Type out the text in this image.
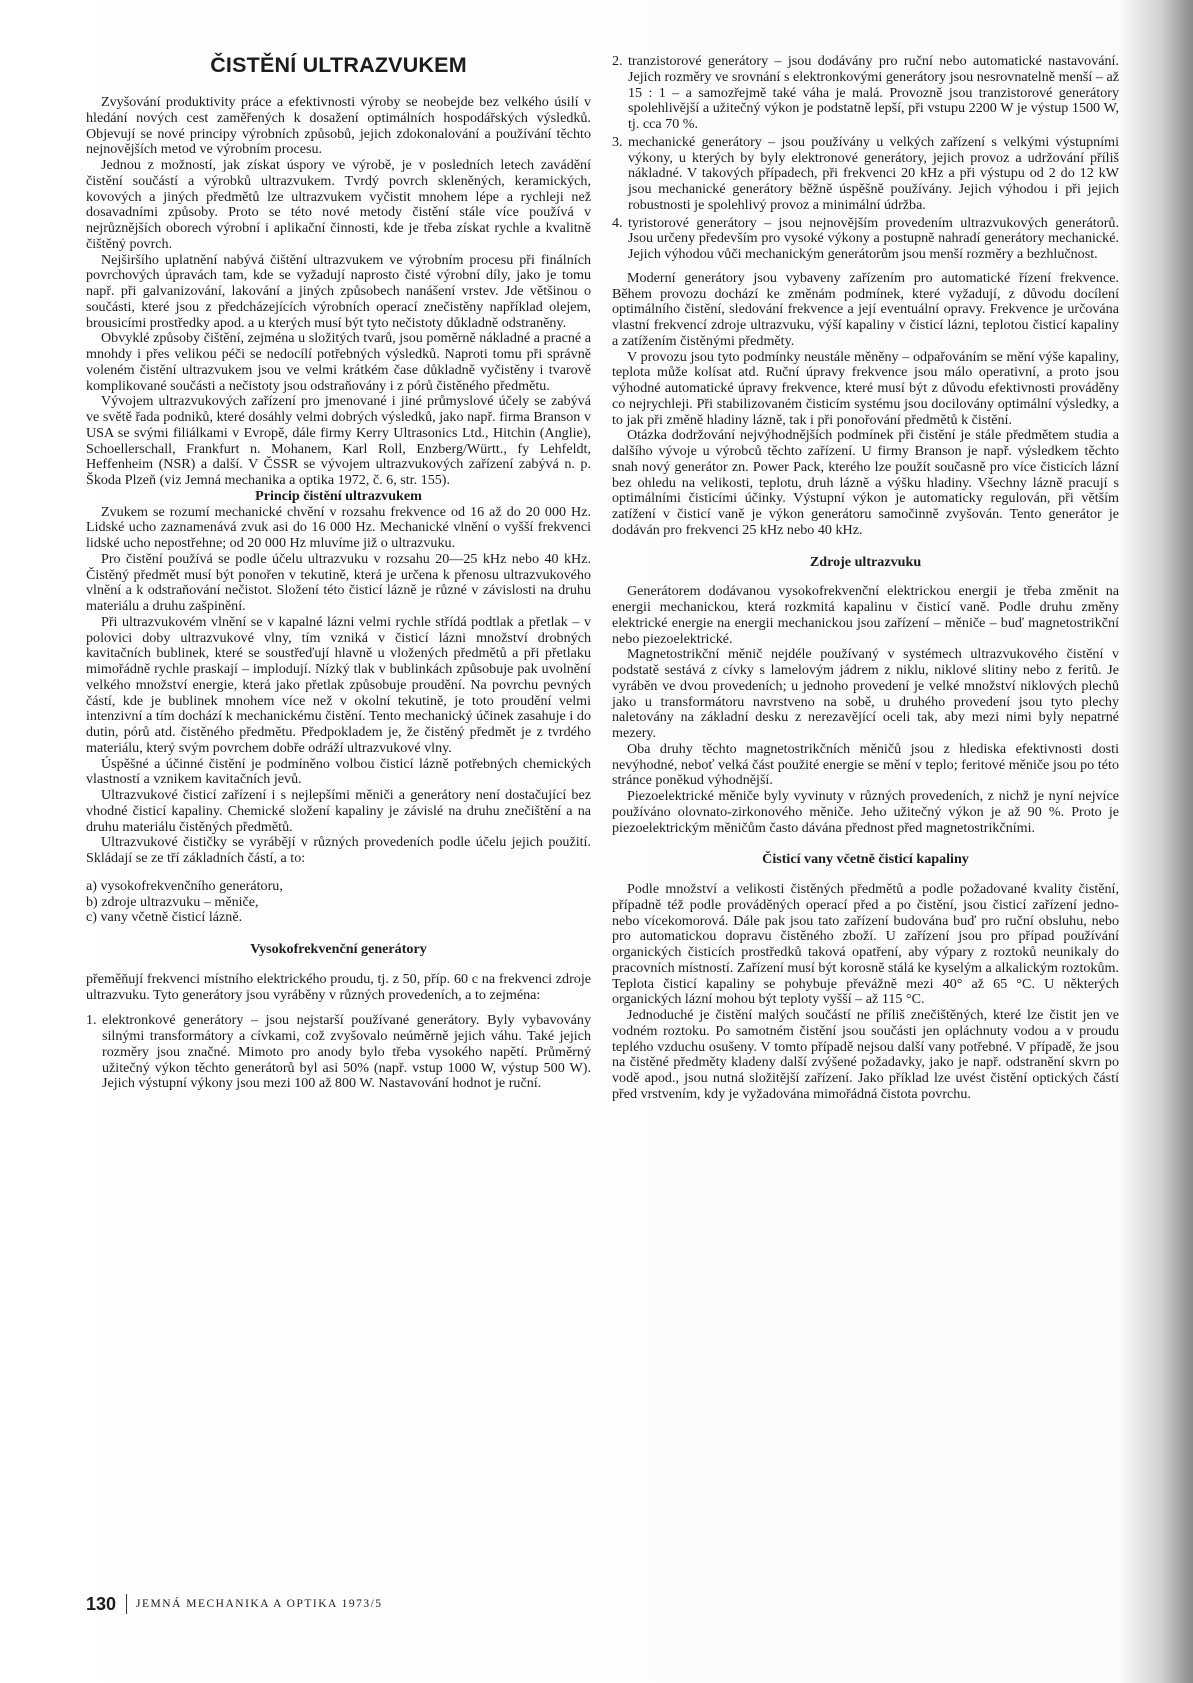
ČISTĚNÍ ULTRAZVUKEM

Zvyšování produktivity práce a efektivnosti výroby se neobejde bez velkého úsilí v hledání nových cest zaměřených k dosažení optimálních hospodářských výsledků. Objevují se nové principy výrobních způsobů, jejich zdokonalování a používání těchto nejnovějších metod ve výrobním procesu.

Jednou z možností, jak získat úspory ve výrobě, je v posledních letech zavádění čistění součástí a výrobků ultrazvukem. Tvrdý povrch skleněných, keramických, kovových a jiných předmětů lze ultrazvukem vyčistit mnohem lépe a rychleji než dosavadními způsoby. Proto se této nové metody čistění stále více používá v nejrůznějších oborech výrobní i aplikační činnosti, kde je třeba získat rychle a kvalitně čištěný povrch.

Nejširšího uplatnění nabývá čištění ultrazvukem ve výrobním procesu při finálních povrchových úpravách tam, kde se vyžadují naprosto čisté výrobní díly, jako je tomu např. při galvanizování, lakování a jiných způsobech nanášení vrstev. Jde většinou o součásti, které jsou z předcházejících výrobních operací znečistěny například olejem, brousicími prostředky apod. a u kterých musí být tyto nečistoty důkladně odstraněny.

Obvyklé způsoby čištění, zejména u složitých tvarů, jsou poměrně nákladné a pracné a mnohdy i přes velikou péči se nedocílí potřebných výsledků. Naproti tomu při správně voleném čistění ultrazvukem jsou ve velmi krátkém čase důkladně vyčistěny i tvarově komplikované součásti a nečistoty jsou odstraňovány i z pórů čistěného předmětu.

Vývojem ultrazvukových zařízení pro jmenované i jiné průmyslové účely se zabývá ve světě řada podniků, které dosáhly velmi dobrých výsledků, jako např. firma Branson v USA se svými filiálkami v Evropě, dále firmy Kerry Ultrasonics Ltd., Hitchin (Anglie), Schoellerschall, Frankfurt n. Mohanem, Karl Roll, Enzberg/Württ., fy Lehfeldt, Heffenheim (NSR) a další. V ČSSR se vývojem ultrazvukových zařízení zabývá n. p. Škoda Plzeň (viz Jemná mechanika a optika 1972, č. 6, str. 155).

Princip čistění ultrazvukem

Zvukem se rozumí mechanické chvění v rozsahu frekvence od 16 až do 20 000 Hz. Lidské ucho zaznamenává zvuk asi do 16 000 Hz. Mechanické vlnění o vyšší frekvenci lidské ucho nepostřehne; od 20 000 Hz mluvíme již o ultrazvuku.

Pro čistění používá se podle účelu ultrazvuku v rozsahu 20—25 kHz nebo 40 kHz. Čistěný předmět musí být ponořen v tekutině, která je určena k přenosu ultrazvukového vlnění a k odstraňování nečistot. Složení této čisticí lázně je různé v závislosti na druhu materiálu a druhu zašpinění.

Při ultrazvukovém vlnění se v kapalné lázni velmi rychle střídá podtlak a přetlak – v polovici doby ultrazvukové vlny, tím vzniká v čisticí lázni množství drobných kavitačních bublinek, které se soustřeďují hlavně u vložených předmětů a při přetlaku mimořádně rychle praskají – implodují. Nízký tlak v bublinkách způsobuje pak uvolnění velkého množství energie, která jako přetlak způsobuje proudění. Na povrchu pevných částí, kde je bublinek mnohem více než v okolní tekutině, je toto proudění velmi intenzivní a tím dochází k mechanickému čistění. Tento mechanický účinek zasahuje i do dutin, pórů atd. čistěného předmětu. Předpokladem je, že čistěný předmět je z tvrdého materiálu, který svým povrchem dobře odráží ultrazvukové vlny.

Úspěšné a účinné čistění je podmíněno volbou čisticí lázně potřebných chemických vlastností a vznikem kavitačních jevů.

Ultrazvukové čisticí zařízení i s nejlepšími měniči a generátory není dostačující bez vhodné čisticí kapaliny. Chemické složení kapaliny je závislé na druhu znečištění a na druhu materiálu čistěných předmětů.

Ultrazvukové čističky se vyrábějí v různých provedeních podle účelu jejich použití. Skládají se ze tří základních částí, a to:

a) vysokofrekvenčního generátoru,
b) zdroje ultrazvuku – měniče,
c) vany včetně čisticí lázně.

Vysokofrekvenční generátory

přeměňují frekvenci místního elektrického proudu, tj. z 50, příp. 60 c na frekvenci zdroje ultrazvuku. Tyto generátory jsou vyráběny v různých provedeních, a to zejména:

1. elektronkové generátory – jsou nejstarší používané generátory. Byly vybavovány silnými transformátory a cívkami, což zvyšovalo neúměrně jejich váhu. Také jejich rozměry jsou značné. Mimoto pro anody bylo třeba vysokého napětí. Průměrný užitečný výkon těchto generátorů byl asi 50% (např. vstup 1000 W, výstup 500 W). Jejich výstupní výkony jsou mezi 100 až 800 W. Nastavování hodnot je ruční.
2. tranzistorové generátory – jsou dodávány pro ruční nebo automatické nastavování. Jejich rozměry ve srovnání s elektronkovými generátory jsou nesrovnatelně menší – až 15 : 1 – a samozřejmě také váha je malá. Provozně jsou tranzistorové generátory spolehlivější a užitečný výkon je podstatně lepší, při vstupu 2200 W je výstup 1500 W, tj. cca 70 %.
3. mechanické generátory – jsou používány u velkých zařízení s velkými výstupními výkony, u kterých by byly elektronové generátory, jejich provoz a udržování příliš nákladné. V takových případech, při frekvenci 20 kHz a při výstupu od 2 do 12 kW jsou mechanické generátory běžně úspěšně používány. Jejich výhodou i při jejich robustnosti je spolehlivý provoz a minimální údržba.
4. tyristorové generátory – jsou nejnovějším provedením ultrazvukových generátorů. Jsou určeny především pro vysoké výkony a postupně nahradí generátory mechanické. Jejich výhodou vůči mechanickým generátorům jsou menší rozměry a bezhlučnost.

Moderní generátory jsou vybaveny zařízením pro automatické řízení frekvence. Během provozu dochází ke změnám podmínek, které vyžadují, z důvodu docílení optimálního čistění, sledování frekvence a její eventuální opravy. Frekvence je určována vlastní frekvencí zdroje ultrazvuku, výší kapaliny v čisticí lázni, teplotou čisticí kapaliny a zatížením čistěnými předměty.

V provozu jsou tyto podmínky neustále měněny – odpařováním se mění výše kapaliny, teplota může kolísat atd. Ruční úpravy frekvence jsou málo operativní, a proto jsou výhodné automatické úpravy frekvence, které musí být z důvodu efektivnosti prováděny co nejrychleji. Při stabilizovaném čisticím systému jsou docilovány optimální výsledky, a to jak při změně hladiny lázně, tak i při ponořování předmětů k čistění.

Otázka dodržování nejvýhodnějších podmínek při čistění je stále předmětem studia a dalšího vývoje u výrobců těchto zařízení. U firmy Branson je např. výsledkem těchto snah nový generátor zn. Power Pack, kterého lze použít současně pro více čisticích lázní bez ohledu na velikosti, teplotu, druh lázně a výšku hladiny. Všechny lázně pracují s optimálními čisticími účinky. Výstupní výkon je automaticky regulován, při větším zatížení v čisticí vaně je výkon generátoru samočinně zvyšován. Tento generátor je dodáván pro frekvenci 25 kHz nebo 40 kHz.

Zdroje ultrazvuku

Generátorem dodávanou vysokofrekvenční elektrickou energii je třeba změnit na energii mechanickou, která rozkmitá kapalinu v čisticí vaně. Podle druhu změny elektrické energie na energii mechanickou jsou zařízení – měniče – buď magnetostrikční nebo piezoelektrické.

Magnetostrikční měnič nejdéle používaný v systémech ultrazvukového čistění v podstatě sestává z cívky s lamelovým jádrem z niklu, niklové slitiny nebo z feritů. Je vyráběn ve dvou provedeních; u jednoho provedení je velké množství niklových plechů jako u transformátoru navrstveno na sobě, u druhého provedení jsou tyto plechy naletovány na základní desku z nerezavějící oceli tak, aby mezi nimi byly nepatrné mezery.

Oba druhy těchto magnetostrikčních měničů jsou z hlediska efektivnosti dosti nevýhodné, neboť velká část použité energie se mění v teplo; feritové měniče jsou po této stránce poněkud výhodnější.

Piezoelektrické měniče byly vyvinuty v různých provedeních, z nichž je nyní nejvíce používáno olovnato-zirkonového měniče. Jeho užitečný výkon je až 90 %. Proto je piezoelektrickým měničům často dávána přednost před magnetostrikčními.

Čisticí vany včetně čisticí kapaliny

Podle množství a velikosti čistěných předmětů a podle požadované kvality čistění, případně též podle prováděných operací před a po čistění, jsou čisticí zařízení jedno- nebo vícekomorová. Dále pak jsou tato zařízení budována buď pro ruční obsluhu, nebo pro automatickou dopravu čistěného zboží. U zařízení jsou pro případ používání organických čisticích prostředků taková opatření, aby výpary z roztoků neunikaly do pracovních místností. Zařízení musí být korosně stálá ke kyselým a alkalickým roztokům. Teplota čisticí kapaliny se pohybuje převážně mezi 40° až 65 °C. U některých organických lázní mohou být teploty vyšší – až 115 °C.

Jednoduché je čistění malých součástí ne příliš znečištěných, které lze čistit jen ve vodném roztoku. Po samotném čistění jsou součásti jen opláchnuty vodou a v proudu teplého vzduchu osušeny. V tomto případě nejsou další vany potřebné. V případě, že jsou na čistěné předměty kladeny další zvýšené požadavky, jako je např. odstranění skvrn po vodě apod., jsou nutná složitější zařízení. Jako příklad lze uvést čistění optických částí před vrstvením, kdy je vyžadována mimořádná čistota povrchu.

130 JEMNÁ MECHANIKA A OPTIKA 1973/5
